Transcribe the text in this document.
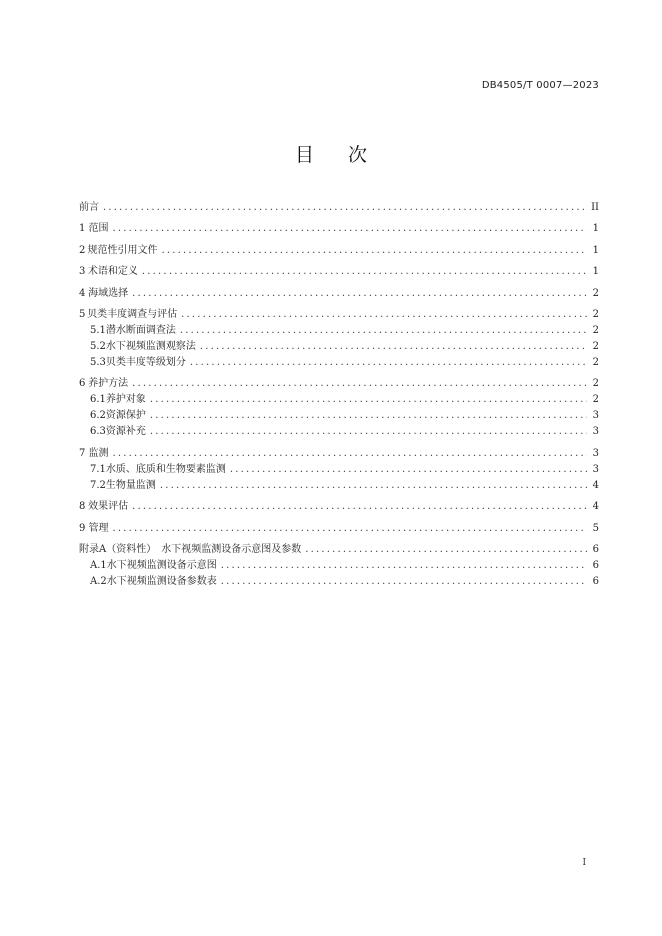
DB4505/T 0007—2023
目次
前言 .....	II
1 范围 .....	1
2 规范性引用文件 .....	1
3 术语和定义 .....	1
4 海域选择 .....	2
5 贝类丰度调查与评估 .....	2
5.1 潜水断面调查法 .....	2
5.2 水下视频监测观察法 .....	2
5.3 贝类丰度等级划分 .....	2
6 养护方法 .....	2
6.1 养护对象 .....	2
6.2 资源保护 .....	3
6.3 资源补充 .....	3
7 监测 .....	3
7.1 水质、底质和生物要素监测 .....	3
7.2 生物量监测 .....	4
8 效果评估 .....	4
9 管理 .....	5
附录A（资料性）　水下视频监测设备示意图及参数 .....	6
A.1 水下视频监测设备示意图 .....	6
A.2 水下视频监测设备参数表 .....	6
I
